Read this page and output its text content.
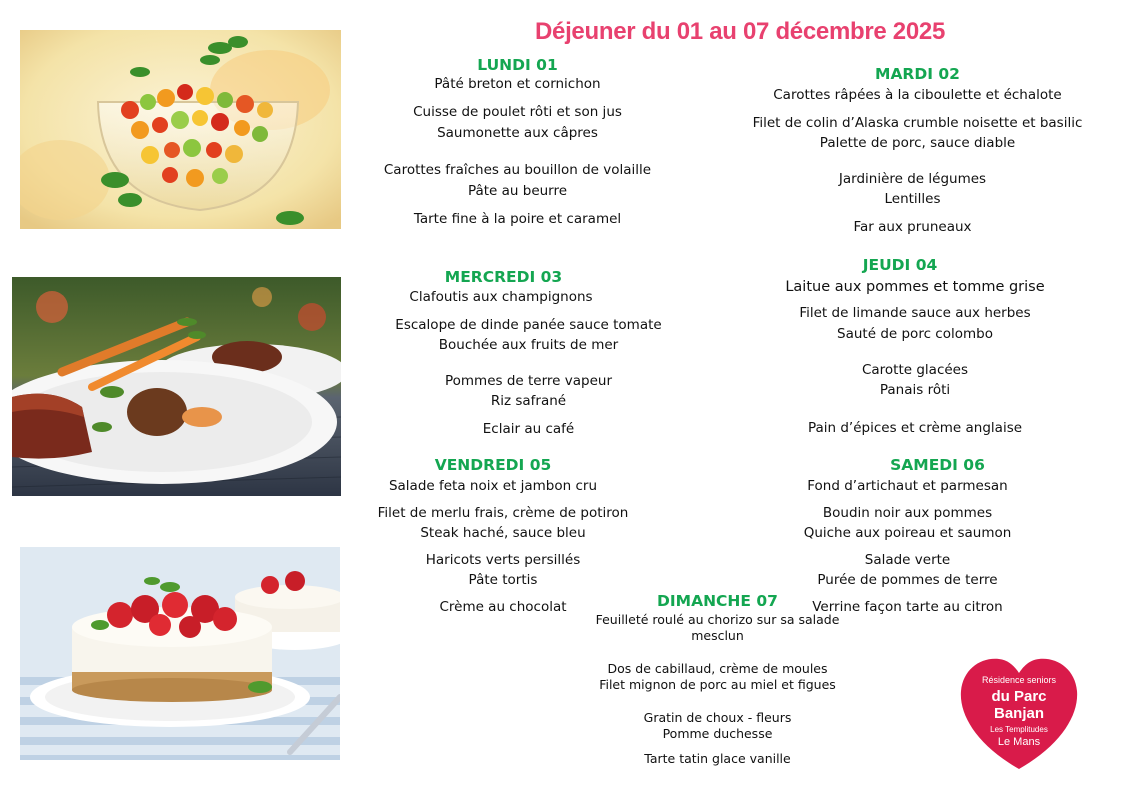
Déjeuner du 01 au 07 décembre 2025
LUNDI 01
Pâté breton et cornichon
Cuisse de poulet rôti et son jus
Saumonette aux câpres
Carottes fraîches au bouillon de volaille
Pâte au beurre
Tarte fine à la poire et caramel
MARDI 02
Carottes râpées à la ciboulette et échalote
Filet de colin d’Alaska crumble noisette et basilic
Palette de porc, sauce diable
Jardinière de légumes
Lentilles
Far aux pruneaux
MERCREDI 03
Clafoutis aux champignons
Escalope de dinde panée sauce tomate
Bouchée aux fruits de mer
Pommes de terre vapeur
Riz safrané
Eclair au café
JEUDI 04
Laitue aux pommes et tomme grise
Filet de limande sauce aux herbes
Sauté de porc colombo
Carotte glacées
Panais rôti
Pain d’épices et crème anglaise
VENDREDI 05
Salade feta noix et jambon cru
Filet de merlu frais, crème de potiron
Steak haché, sauce bleu
Haricots verts persillés
Pâte tortis
Crème au chocolat
SAMEDI 06
Fond d’artichaut et parmesan
Boudin noir aux pommes
Quiche aux poireau et saumon
Salade verte
Purée de pommes de terre
Verrine façon tarte au citron
DIMANCHE 07
Feuilleté roulé au chorizo sur sa salade
mesclun
Dos de cabillaud, crème de moules
Filet mignon de porc au miel et figues
Gratin de choux - fleurs
Pomme duchesse
Tarte tatin glace vanille
Résidence seniors
du Parc
Banjan
Les Templitudes
Le Mans
